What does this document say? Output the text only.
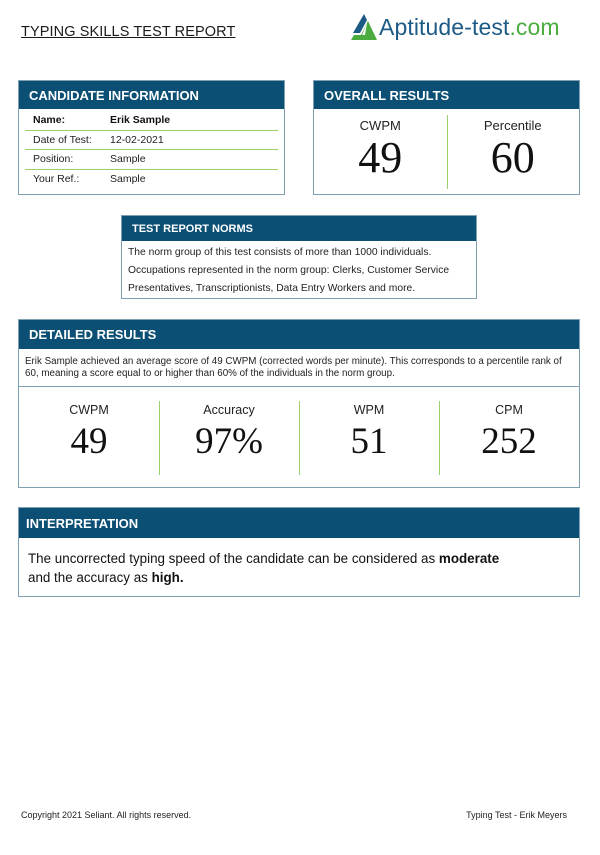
TYPING SKILLS TEST REPORT	Aptitude-test.com
CANDIDATE INFORMATION
Name:	Erik Sample
Date of Test:	12-02-2021
Position:	Sample
Your Ref.:	Sample
OVERALL RESULTS
CWPM
49
Percentile
60
TEST REPORT NORMS
The norm group of this test consists of more than 1000 individuals.
Occupations represented in the norm group: Clerks, Customer Service
Presentatives, Transcriptionists, Data Entry Workers and more.
DETAILED RESULTS
Erik Sample achieved an average score of 49 CWPM (corrected words per minute). This corresponds to a percentile rank of 60, meaning a score equal to or higher than 60% of the individuals in the norm group.
CWPM
49
Accuracy
97%
WPM
51
CPM
252
INTERPRETATION
The uncorrected typing speed of the candidate can be considered as moderate
and the accuracy as high.
Copyright 2021 Seliant. All rights reserved.	Typing Test - Erik Meyers
